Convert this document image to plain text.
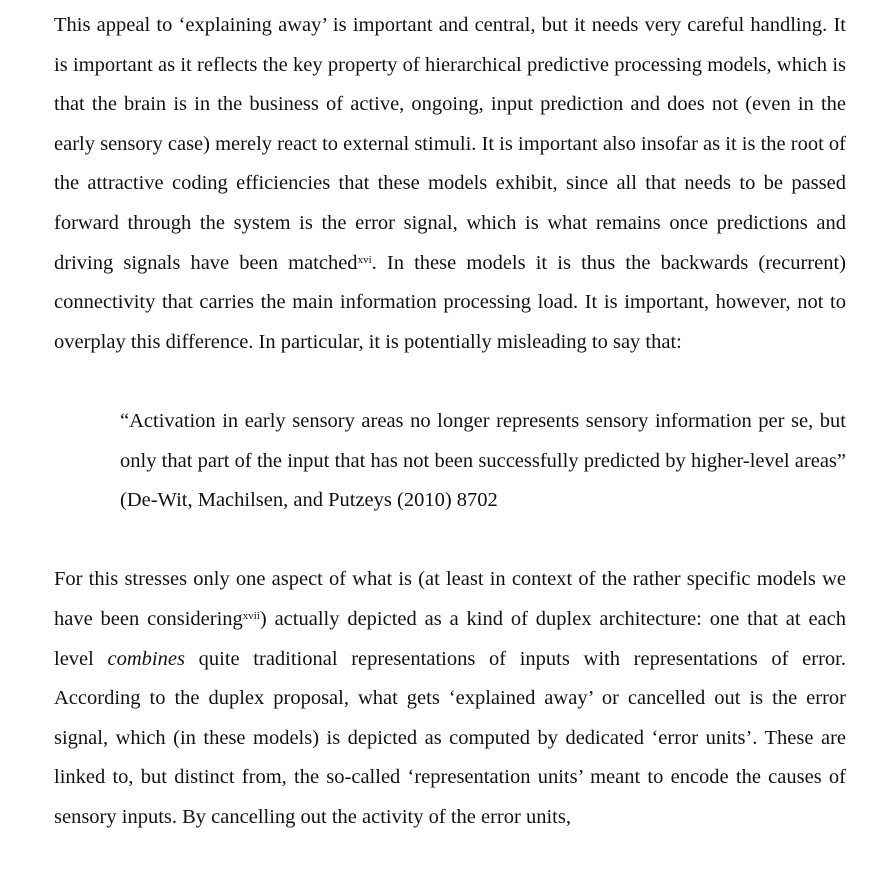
This appeal to ‘explaining away’ is important and central, but it needs very careful handling. It is important as it reflects the key property of hierarchical predictive processing models, which is that the brain is in the business of active, ongoing, input prediction and does not (even in the early sensory case) merely react to external stimuli. It is important also insofar as it is the root of the attractive coding efficiencies that these models exhibit, since all that needs to be passed forward through the system is the error signal, which is what remains once predictions and driving signals have been matched$^{xvi}$. In these models it is thus the backwards (recurrent) connectivity that carries the main information processing load. It is important, however, not to overplay this difference. In particular, it is potentially misleading to say that:

“Activation in early sensory areas no longer represents sensory information per se, but only that part of the input that has not been successfully predicted by higher-level areas” (De-Wit, Machilsen, and Putzeys (2010) 8702

For this stresses only one aspect of what is (at least in context of the rather specific models we have been considering$^{xvii}$) actually depicted as a kind of duplex architecture: one that at each level combines quite traditional representations of inputs with representations of error. According to the duplex proposal, what gets ‘explained away’ or cancelled out is the error signal, which (in these models) is depicted as computed by dedicated ‘error units’. These are linked to, but distinct from, the so-called ‘representation units’ meant to encode the causes of sensory inputs. By cancelling out the activity of the error units,
